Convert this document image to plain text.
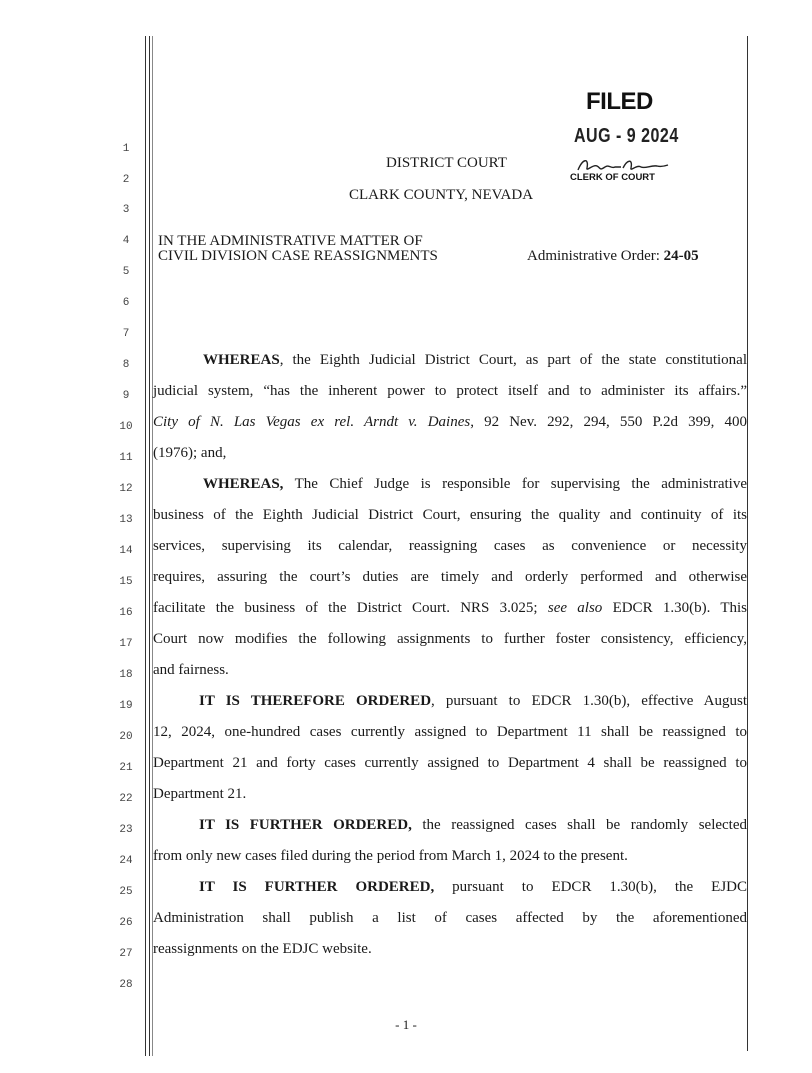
1
2
3
4
5
6
7
8
9
10
11
12
13
14
15
16
17
18
19
20
21
22
23
24
25
26
27
28
FILED
AUG - 9 2024
CLERK OF COURT
DISTRICT COURT
CLARK COUNTY, NEVADA
IN THE ADMINISTRATIVE MATTER OF
CIVIL DIVISION CASE REASSIGNMENTS	Administrative Order: 24-05
WHEREAS, the Eighth Judicial District Court, as part of the state constitutional
judicial system, “has the inherent power to protect itself and to administer its affairs.”
City of N. Las Vegas ex rel. Arndt v. Daines, 92 Nev. 292, 294, 550 P.2d 399, 400
(1976); and,
WHEREAS, The Chief Judge is responsible for supervising the administrative
business of the Eighth Judicial District Court, ensuring the quality and continuity of its
services, supervising its calendar, reassigning cases as convenience or necessity
requires, assuring the court’s duties are timely and orderly performed and otherwise
facilitate the business of the District Court. NRS 3.025; see also EDCR 1.30(b). This
Court now modifies the following assignments to further foster consistency, efficiency,
and fairness.
IT IS THEREFORE ORDERED, pursuant to EDCR 1.30(b), effective August
12, 2024, one-hundred cases currently assigned to Department 11 shall be reassigned to
Department 21 and forty cases currently assigned to Department 4 shall be reassigned to
Department 21.
IT IS FURTHER ORDERED, the reassigned cases shall be randomly selected
from only new cases filed during the period from March 1, 2024 to the present.
IT IS FURTHER ORDERED, pursuant to EDCR 1.30(b), the EJDC
Administration shall publish a list of cases affected by the aforementioned
reassignments on the EDJC website.
- 1 -
